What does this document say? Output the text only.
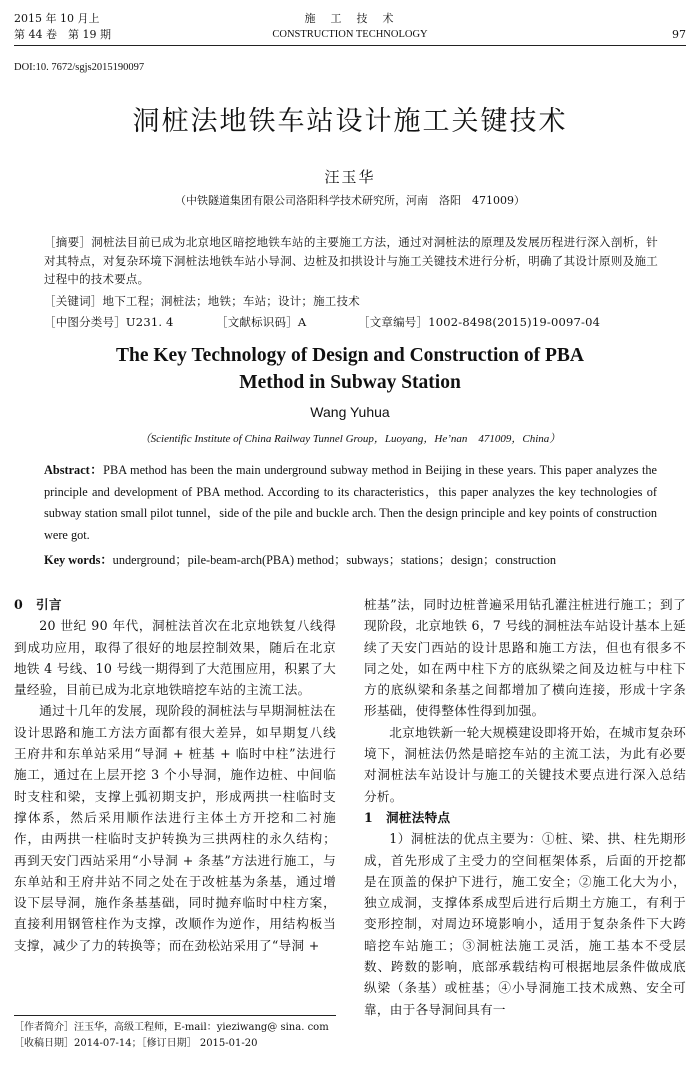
2015 年 10 月上
第 44 卷　第 19 期
施　工　技　术
CONSTRUCTION TECHNOLOGY	97
DOI:10. 7672/sgjs2015190097
洞桩法地铁车站设计施工关键技术
汪玉华
（中铁隧道集团有限公司洛阳科学技术研究所，河南　洛阳　471009）
［摘要］洞桩法目前已成为北京地区暗挖地铁车站的主要施工方法，通过对洞桩法的原理及发展历程进行深入剖析，针对其特点，对复杂环境下洞桩法地铁车站小导洞、边桩及扣拱设计与施工关键技术进行分析，明确了其设计原则及施工过程中的技术要点。
［关键词］地下工程；洞桩法；地铁；车站；设计；施工技术
［中图分类号］U231. 4	［文献标识码］A	［文章编号］1002-8498(2015)19-0097-04
The Key Technology of Design and Construction of PBA
Method in Subway Station
Wang Yuhua
（Scientific Institute of China Railway Tunnel Group，Luoyang，He’nan　471009，China）
Abstract：PBA method has been the main underground subway method in Beijing in these years. This paper analyzes the principle and development of PBA method. According to its characteristics，this paper analyzes the key technologies of subway station small pilot tunnel，side of the pile and buckle arch. Then the design principle and key points of construction were got.
Key words：underground；pile-beam-arch(PBA) method；subways；stations；design；construction

0　引言

20 世纪 90 年代，洞桩法首次在北京地铁复八线得到成功应用，取得了很好的地层控制效果，随后在北京地铁 4 号线、10 号线一期得到了大范围应用，积累了大量经验，目前已成为北京地铁暗挖车站的主流工法。

通过十几年的发展，现阶段的洞桩法与早期洞桩法在设计思路和施工方法方面都有很大差异，如早期复八线王府井和东单站采用“导洞 + 桩基 + 临时中柱”法进行施工，通过在上层开挖 3 个小导洞，施作边桩、中间临时支柱和梁，支撑上弧初期支护，形成两拱一柱临时支撑体系，然后采用顺作法进行主体土方开挖和二衬施作，由两拱一柱临时支护转换为三拱两柱的永久结构；再到天安门西站采用“小导洞 + 条基”方法进行施工，与东单站和王府井站不同之处在于改桩基为条基，通过增设下层导洞，施作条基基础，同时抛弃临时中柱方案，直接利用钢管柱作为支撑，改顺作为逆作，用结构板当支撑，减少了力的转换等；而在劲松站采用了“导洞 +

桩基”法，同时边桩普遍采用钻孔灌注桩进行施工；到了现阶段，北京地铁 6，7 号线的洞桩法车站设计基本上延续了天安门西站的设计思路和施工方法，但也有很多不同之处，如在两中柱下方的底纵梁之间及边桩与中柱下方的底纵梁和条基之间都增加了横向连接，形成十字条形基础，使得整体性得到加强。

北京地铁新一轮大规模建设即将开始，在城市复杂环境下，洞桩法仍然是暗挖车站的主流工法，为此有必要对洞桩法车站设计与施工的关键技术要点进行深入总结分析。

1　洞桩法特点

1）洞桩法的优点主要为：①桩、梁、拱、柱先期形成，首先形成了主受力的空间框架体系，后面的开挖都是在顶盖的保护下进行，施工安全；②施工化大为小，独立成洞，支撑体系成型后进行后期土方施工，有利于变形控制，对周边环境影响小，适用于复杂条件下大跨暗挖车站施工；③洞桩法施工灵活，施工基本不受层数、跨数的影响，底部承载结构可根据地层条件做成底纵梁（条基）或桩基；④小导洞施工技术成熟、安全可靠，由于各导洞间具有一

［作者简介］汪玉华，高级工程师，E-mail：yieziwang@ sina. com
［收稿日期］2014-07-14；［修订日期］ 2015-01-20
